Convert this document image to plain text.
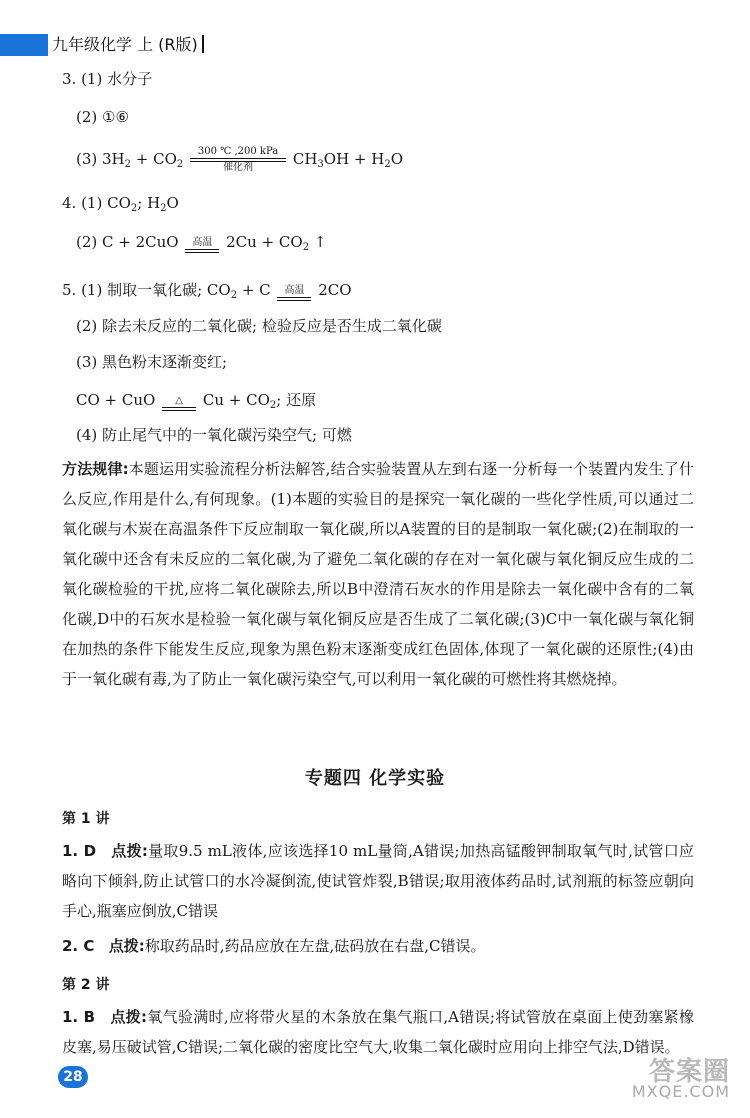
九年级化学 上 (R版)
3. (1) 水分子
(2) ①⑥
(3) $3H_2 + CO_2$
300 ℃ ,200 kPa
催化剂	$CH_3OH + H_2O$
4. (1) $CO_2$; $H_2O$
(2) C + 2CuO	高温 $2Cu + CO_2$ ↑
5. (1) 制取一氧化碳; $CO_2 + C$	高温 2CO
(2) 除去未反应的二氧化碳; 检验反应是否生成二氧化碳
(3) 黑色粉末逐渐变红;
CO + CuO	△	$Cu + CO_2$; 还原
(4) 防止尾气中的一氧化碳污染空气; 可燃
方法规律:本题运用实验流程分析法解答,结合实验装置从左到右逐一分析每一个装置内发生了什么反应,作用是什么,有何现象。(1)本题的实验目的是探究一氧化碳的一些化学性质,可以通过二氧化碳与木炭在高温条件下反应制取一氧化碳,所以A装置的目的是制取一氧化碳;(2)在制取的一氧化碳中还含有未反应的二氧化碳,为了避免二氧化碳的存在对一氧化碳与氧化铜反应生成的二氧化碳检验的干扰,应将二氧化碳除去,所以B中澄清石灰水的作用是除去一氧化碳中含有的二氧化碳,D中的石灰水是检验一氧化碳与氧化铜反应是否生成了二氧化碳;(3)C中一氧化碳与氧化铜在加热的条件下能发生反应,现象为黑色粉末逐渐变成红色固体,体现了一氧化碳的还原性;(4)由于一氧化碳有毒,为了防止一氧化碳污染空气,可以利用一氧化碳的可燃性将其燃烧掉。
专题四 化学实验
第 1 讲
1. D 点拨:量取9.5 mL液体,应该选择10 mL量筒,A错误;加热高锰酸钾制取氧气时,试管口应略向下倾斜,防止试管口的水冷凝倒流,使试管炸裂,B错误;取用液体药品时,试剂瓶的标签应朝向手心,瓶塞应倒放,C错误
2. C 点拨:称取药品时,药品应放在左盘,砝码放在右盘,C错误。
第 2 讲
1. B 点拨:氧气验满时,应将带火星的木条放在集气瓶口,A错误;将试管放在桌面上使劲塞紧橡皮塞,易压破试管,C错误;二氧化碳的密度比空气大,收集二氧化碳时应用向上排空气法,D错误。
28	答案圈
MXQE.COM
